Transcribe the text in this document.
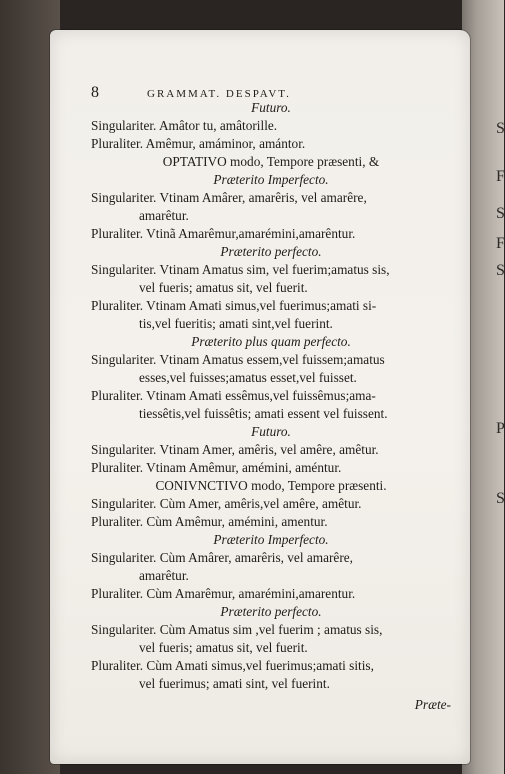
8	GRAMMAT. DESPAVT.
Futuro.
Singulariter. Amâtor tu, amâtorille.
Pluraliter. Amêmur, amáminor, amántor.
OPTATIVO modo, Tempore præsenti, &
Præterito Imperfecto.
Singulariter. Vtinam Amârer, amarêris, vel amarêre,
amarêtur.
Pluraliter. Vtinã Amarêmur,amarémini,amarêntur.
Præterito perfecto.
Singulariter. Vtinam Amatus sim, vel fuerim;amatus sis,
vel fueris; amatus sit, vel fuerit.
Pluraliter. Vtinam Amati simus,vel fuerimus;amati si-
tis,vel fueritis; amati sint,vel fuerint.
Præterito plus quam perfecto.
Singulariter. Vtinam Amatus essem,vel fuissem;amatus
esses,vel fuisses;amatus esset,vel fuisset.
Pluraliter. Vtinam Amati essêmus,vel fuissêmus;ama-
tiessêtis,vel fuissêtis; amati essent vel fuissent.
Futuro.
Singulariter. Vtinam Amer, amêris, vel amêre, amêtur.
Pluraliter. Vtinam Amêmur, amémini, améntur.
CONIVNCTIVO modo, Tempore præsenti.
Singulariter. Cùm Amer, amêris,vel amêre, amêtur.
Pluraliter. Cùm Amêmur, amémini, amentur.
Præterito Imperfecto.
Singulariter. Cùm Amârer, amarêris, vel amarêre,
amarêtur.
Pluraliter. Cùm Amarêmur, amarémini,amarentur.
Præterito perfecto.
Singulariter. Cùm Amatus sim ,vel fuerim ; amatus sis,
vel fueris; amatus sit, vel fuerit.
Pluraliter. Cùm Amati simus,vel fuerimus;amati sitis,
vel fuerimus; amati sint, vel fuerint.
Præte-
S
F
S
F
S
P
S
